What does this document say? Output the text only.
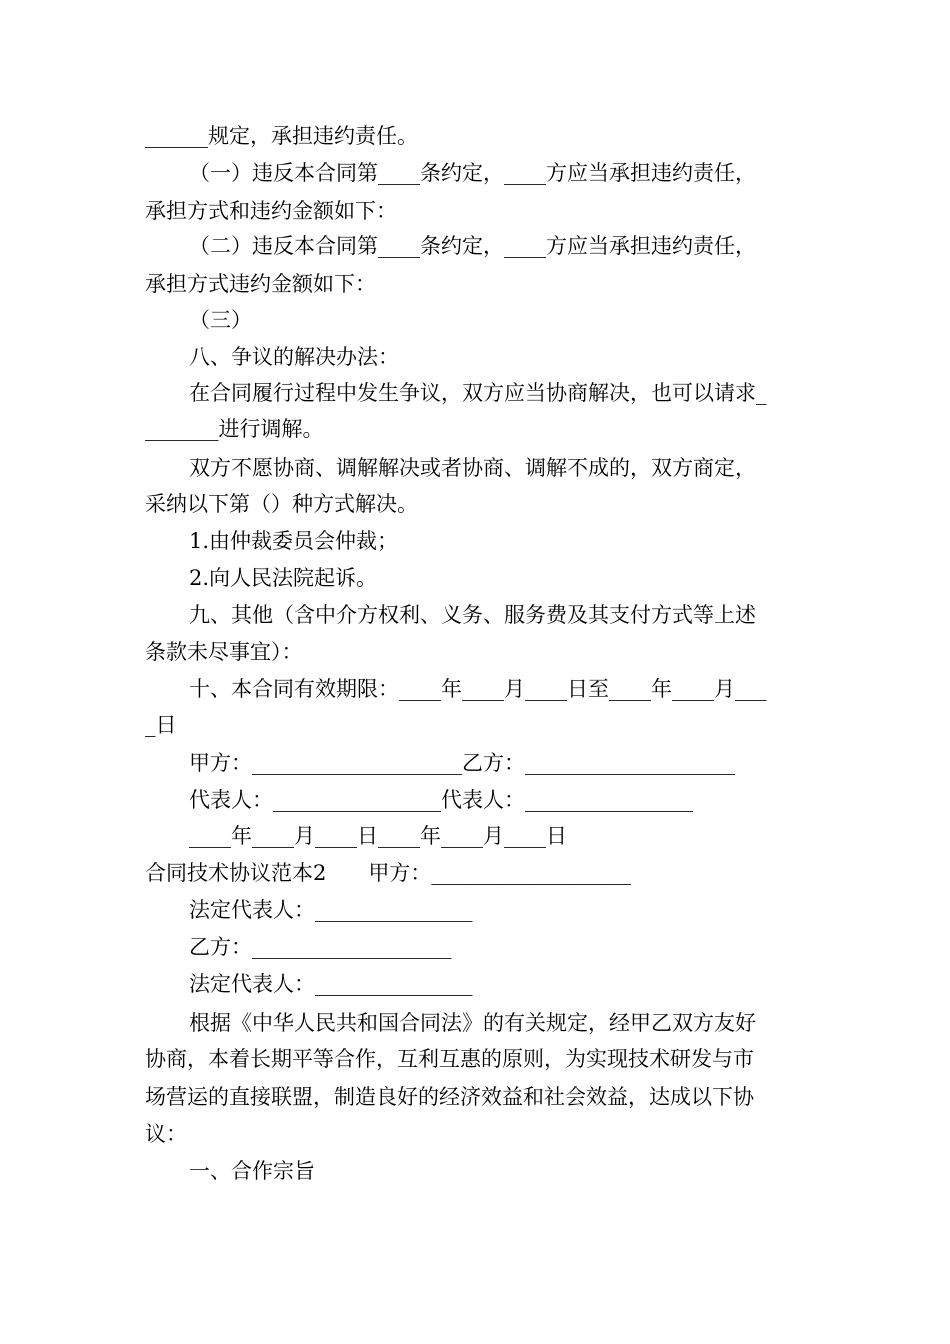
______规定，承担违约责任。
（一）违反本合同第____条约定，____方应当承担违约责任，
承担方式和违约金额如下：
（二）违反本合同第____条约定，____方应当承担违约责任，
承担方式违约金额如下：
（三）
八、争议的解决办法：
在合同履行过程中发生争议，双方应当协商解决，也可以请求_
_______进行调解。
双方不愿协商、调解解决或者协商、调解不成的，双方商定，
采纳以下第（）种方式解决。
1.由仲裁委员会仲裁；
2.向人民法院起诉。
九、其他（含中介方权利、义务、服务费及其支付方式等上述
条款未尽事宜）：
十、本合同有效期限：____年____月____日至____年____月___
_日
甲方：____________________乙方：____________________
代表人：________________代表人：________________
____年____月____日____年____月____日
合同技术协议范本2　　甲方：___________________
法定代表人：_______________
乙方：___________________
法定代表人：_______________
根据《中华人民共和国合同法》的有关规定，经甲乙双方友好
协商，本着长期平等合作，互利互惠的原则，为实现技术研发与市
场营运的直接联盟，制造良好的经济效益和社会效益，达成以下协
议：
一、合作宗旨
